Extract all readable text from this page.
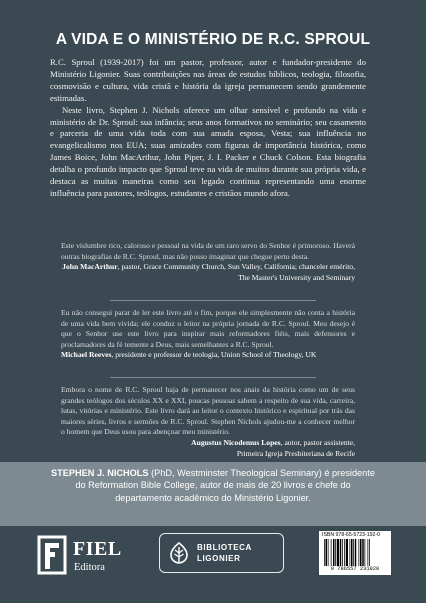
A VIDA E O MINISTÉRIO DE R.C. SPROUL

R.C. Sproul (1939-2017) foi um pastor, professor, autor e fundador-presidente do Ministério Ligonier. Suas contribuições nas áreas de estudos bíblicos, teologia, filosofia, cosmovisão e cultura, vida cristã e história da igreja permanecem sendo grandemente estimadas.

Neste livro, Stephen J. Nichols oferece um olhar sensível e profundo na vida e ministério de Dr. Sproul: sua infância; seus anos formativos no seminário; seu casamento e parceria de uma vida toda com sua amada esposa, Vesta; sua influência no evangelicalismo nos EUA; suas amizades com figuras de importância histórica, como James Boice, John MacArthur, John Piper, J. I. Packer e Chuck Colson. Esta biografia detalha o profundo impacto que Sproul teve na vida de muitos durante sua própria vida, e destaca as muitas maneiras como seu legado continua representando uma enorme influência para pastores, teólogos, estudantes e cristãos mundo afora.

Este vislumbre rico, caloroso e pessoal na vida de um raro servo do Senhor é primoroso. Haverá outras biografias de R.C. Sproul, mas não posso imaginar que chegue perto desta.

John MacArthur, pastor, Grace Community Church, Sun Valley, California; chanceler emérito, The Master's University and Seminary

Eu não consegui parar de ler este livro até o fim, porque ele simplesmente não conta a história de uma vida bem vivida; ele conduz o leitor na própria jornada de R.C. Sproul. Meu desejo é que o Senhor use este livro para inspirar mais reformadores fiéis, mais defensores e proclamadores da fé temente a Deus, mais semelhantes a R.C. Sproul.

Michael Reeves, presidente e professor de teologia, Union School of Theology, UK

Embora o nome de R.C. Sproul haja de permanecer nos anais da história como um de seus grandes teólogos dos séculos XX e XXI, poucas pessoas sabem a respeito de sua vida, carreira, lutas, vitórias e ministério. Este livro dará ao leitor o contexto histórico e espiritual por trás das maiores séries, livros e sermões de R.C. Sproul. Stephen Nichols ajudou-me a conhecer melhor o homem que Deus usou para abençoar meu ministério.

Augustus Nicodemus Lopes, autor, pastor assistente,

Primeira Igreja Presbiteriana de Recife

STEPHEN J. NICHOLS (PhD, Westminster Theological Seminary) é presidente do Reformation Bible College, autor de mais de 20 livros e chefe do departamento acadêmico do Ministério Ligonier.
FIEL
Editora
BIBLIOTECA
LIGONIER
ISBN 978-65-5723-192-0
9 786557 231920
